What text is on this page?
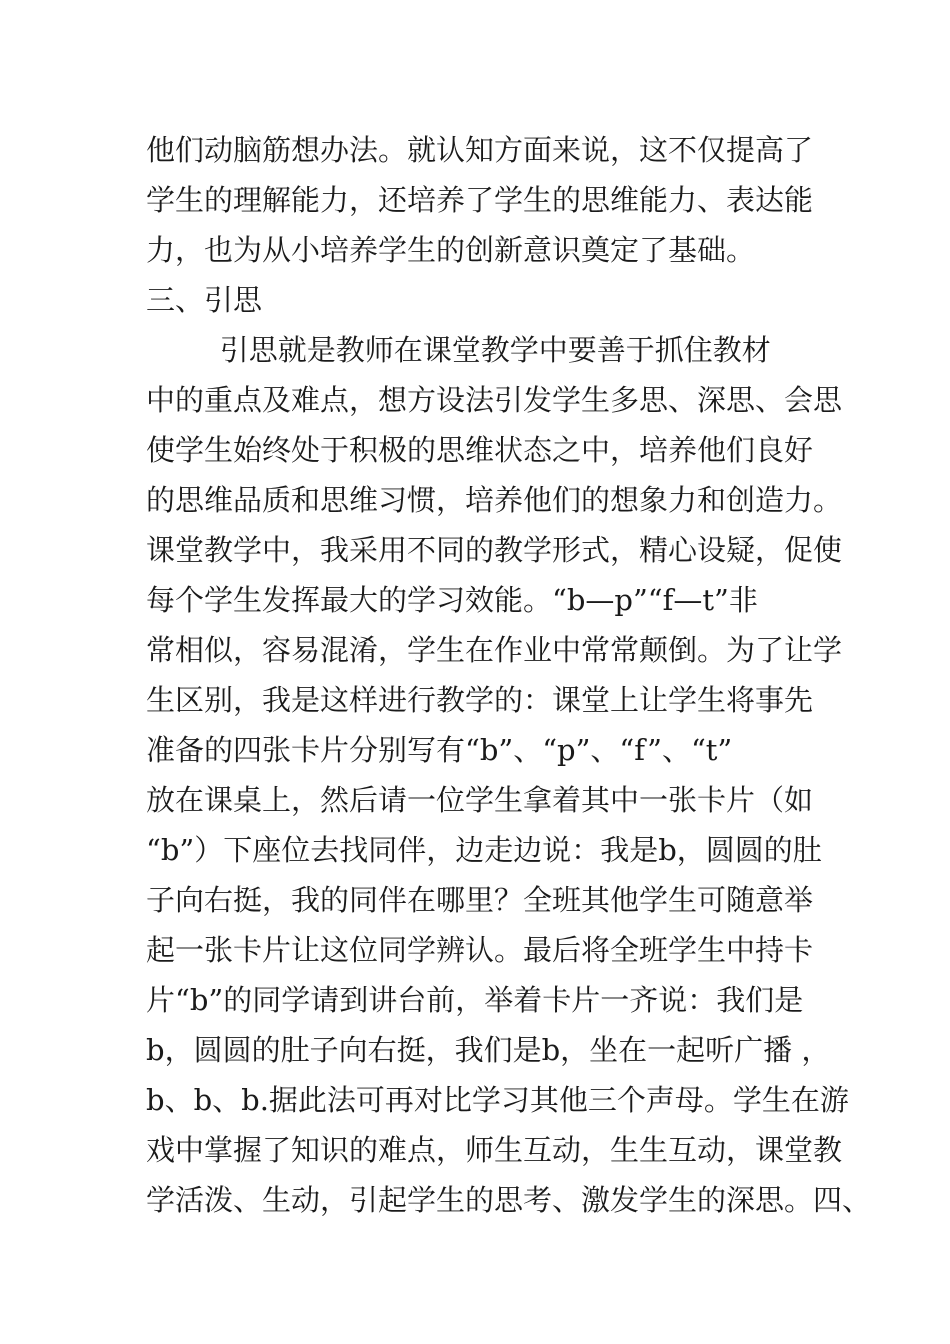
他们动脑筋想办法。就认知方面来说，这不仅提高了
学生的理解能力，还培养了学生的思维能力、表达能
力，也为从小培养学生的创新意识奠定了基础。
三、引思
引思就是教师在课堂教学中要善于抓住教材
中的重点及难点，想方设法引发学生多思、深思、会思
使学生始终处于积极的思维状态之中，培养他们良好
的思维品质和思维习惯，培养他们的想象力和创造力。
课堂教学中，我采用不同的教学形式，精心设疑，促使
每个学生发挥最大的学习效能。“b—p”“f—t”非
常相似，容易混淆，学生在作业中常常颠倒。为了让学
生区别，我是这样进行教学的：课堂上让学生将事先
准备的四张卡片分别写有“b”、“p”、“f”、“t”
放在课桌上，然后请一位学生拿着其中一张卡片（如
“b”）下座位去找同伴，边走边说：我是b，圆圆的肚
子向右挺，我的同伴在哪里？全班其他学生可随意举
起一张卡片让这位同学辨认。最后将全班学生中持卡
片“b”的同学请到讲台前，举着卡片一齐说：我们是
b，圆圆的肚子向右挺，我们是b，坐在一起听广播 ，
b、b、b.据此法可再对比学习其他三个声母。学生在游
戏中掌握了知识的难点，师生互动，生生互动，课堂教
学活泼、生动，引起学生的思考、激发学生的深思。四、
